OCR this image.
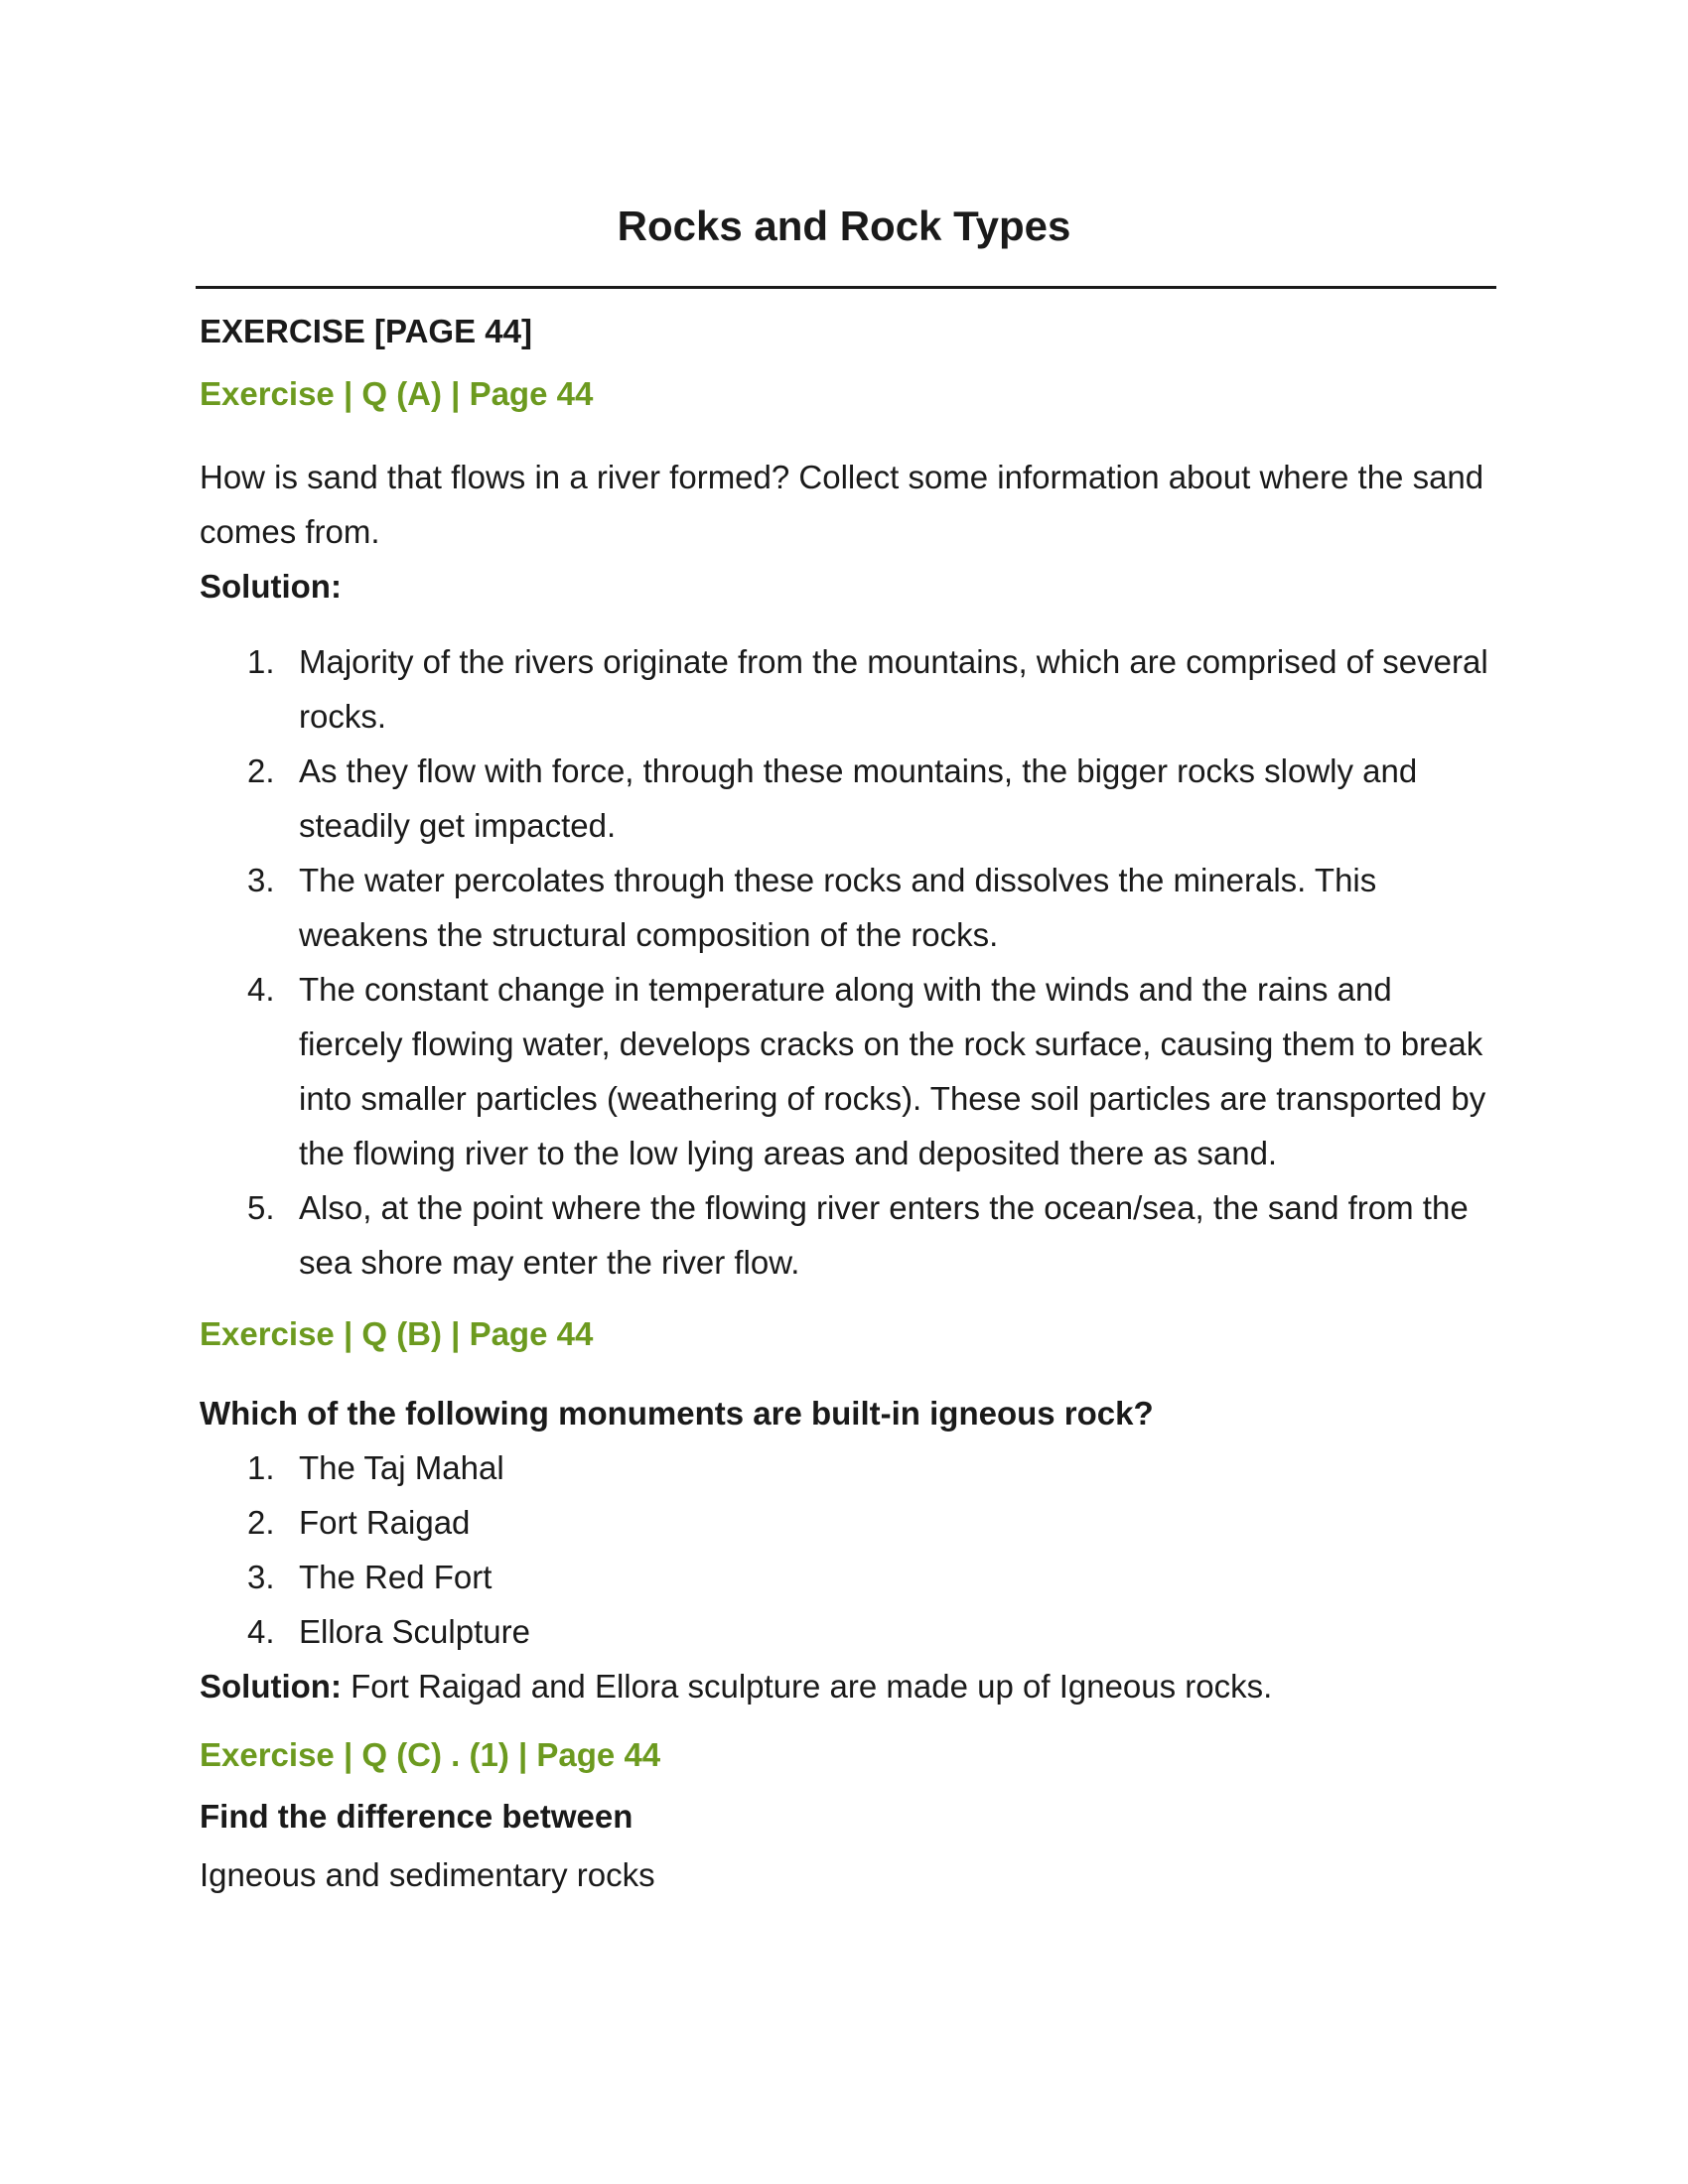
Rocks and Rock Types
EXERCISE [PAGE 44]
Exercise | Q (A) | Page 44
How is sand that flows in a river formed? Collect some information about where the sand comes from.
Solution:
1. Majority of the rivers originate from the mountains, which are comprised of several rocks.
2. As they flow with force, through these mountains, the bigger rocks slowly and steadily get impacted.
3. The water percolates through these rocks and dissolves the minerals. This weakens the structural composition of the rocks.
4. The constant change in temperature along with the winds and the rains and fiercely flowing water, develops cracks on the rock surface, causing them to break into smaller particles (weathering of rocks). These soil particles are transported by the flowing river to the low lying areas and deposited there as sand.
5. Also, at the point where the flowing river enters the ocean/sea, the sand from the sea shore may enter the river flow.
Exercise | Q (B) | Page 44
Which of the following monuments are built-in igneous rock?
1. The Taj Mahal
2. Fort Raigad
3. The Red Fort
4. Ellora Sculpture
Solution: Fort Raigad and Ellora sculpture are made up of Igneous rocks.
Exercise | Q (C) . (1) | Page 44
Find the difference between
Igneous and sedimentary rocks
